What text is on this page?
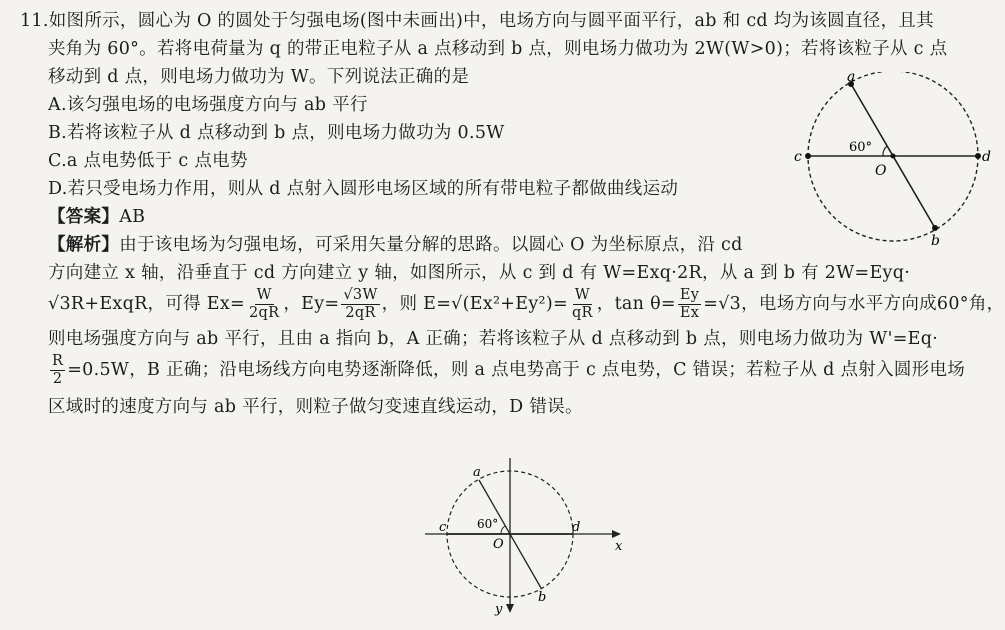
11.如图所示，圆心为 O 的圆处于匀强电场(图中未画出)中，电场方向与圆平面平行，ab 和 cd 均为该圆直径，且其
夹角为 60°。若将电荷量为 q 的带正电粒子从 a 点移动到 b 点，则电场力做功为 2W(W>0)；若将该粒子从 c 点
移动到 d 点，则电场力做功为 W。下列说法正确的是
A.该匀强电场的电场强度方向与 ab 平行
B.若将该粒子从 d 点移动到 b 点，则电场力做功为 0.5W
C.a 点电势低于 c 点电势
D.若只受电场力作用，则从 d 点射入圆形电场区域的所有带电粒子都做曲线运动
【答案】AB
【解析】由于该电场为匀强电场，可采用矢量分解的思路。以圆心 O 为坐标原点，沿 cd
方向建立 x 轴，沿垂直于 cd 方向建立 y 轴，如图所示，从 c 到 d 有 W=Exq·2R，从 a 到 b 有 2W=Eyq·
√3R+ExqR，可得 $Ex= \frac{W}{2qR}$ ，$Ey= \frac{√3W}{2qR}$ ，则 $E=√(Ex^2+Ey^2)= \frac{W}{qR}$ ，$\tan \theta= \frac{Ey}{Ex} =√3$，电场方向与水平方向成60°角，
则电场强度方向与 ab 平行，且由 a 指向 b，A 正确；若将该粒子从 d 点移动到 b 点，则电场力做功为 W'=Eq·
$\frac{R}{2} =0.5W$，B 正确；沿电场线方向电势逐渐降低，则 a 点电势高于 c 点电势，C 错误；若粒子从 d 点射入圆形电场
区域时的速度方向与 ab 平行，则粒子做匀变速直线运动，D 错误。
a
b
c	d
O
60°
a
b
c	d
O
60°
x
y
